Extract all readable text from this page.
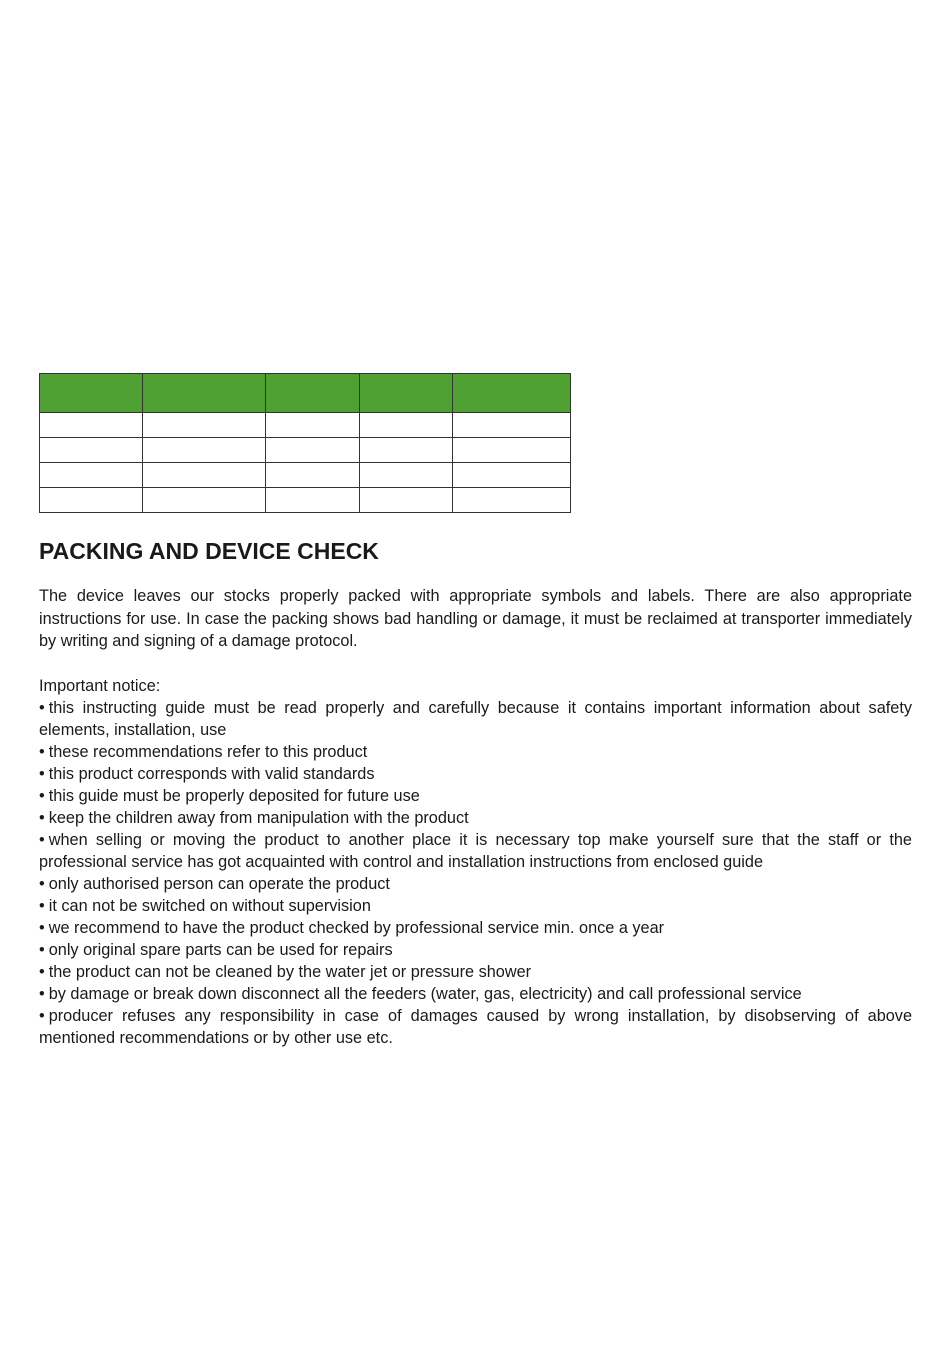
PACKING AND DEVICE CHECK

The device leaves our stocks properly packed with appropriate symbols and labels. There are also appropriate instructions for use. In case the packing shows bad handling or damage, it must be reclaimed at transporter immediately by writing and signing of a damage protocol.

Important notice:
• this instructing guide must be read properly and carefully because it contains important information about safety elements, installation, use
• these recommendations refer to this product
• this product corresponds with valid standards
• this guide must be properly deposited for future use
• keep the children away from manipulation with the product
• when selling or moving the product to another place it is necessary top make yourself sure that the staff or the professional service has got acquainted with control and installation instructions from enclosed guide
• only authorised person can operate the product
• it can not be switched on without supervision
• we recommend to have the product checked by professional service min. once a year
• only original spare parts can be used for repairs
• the product can not be cleaned by the water jet or pressure shower
• by damage or break down disconnect all the feeders (water, gas, electricity) and call professional service
• producer refuses any responsibility in case of damages caused by wrong installation, by disobserving of above mentioned recommendations or by other use etc.
